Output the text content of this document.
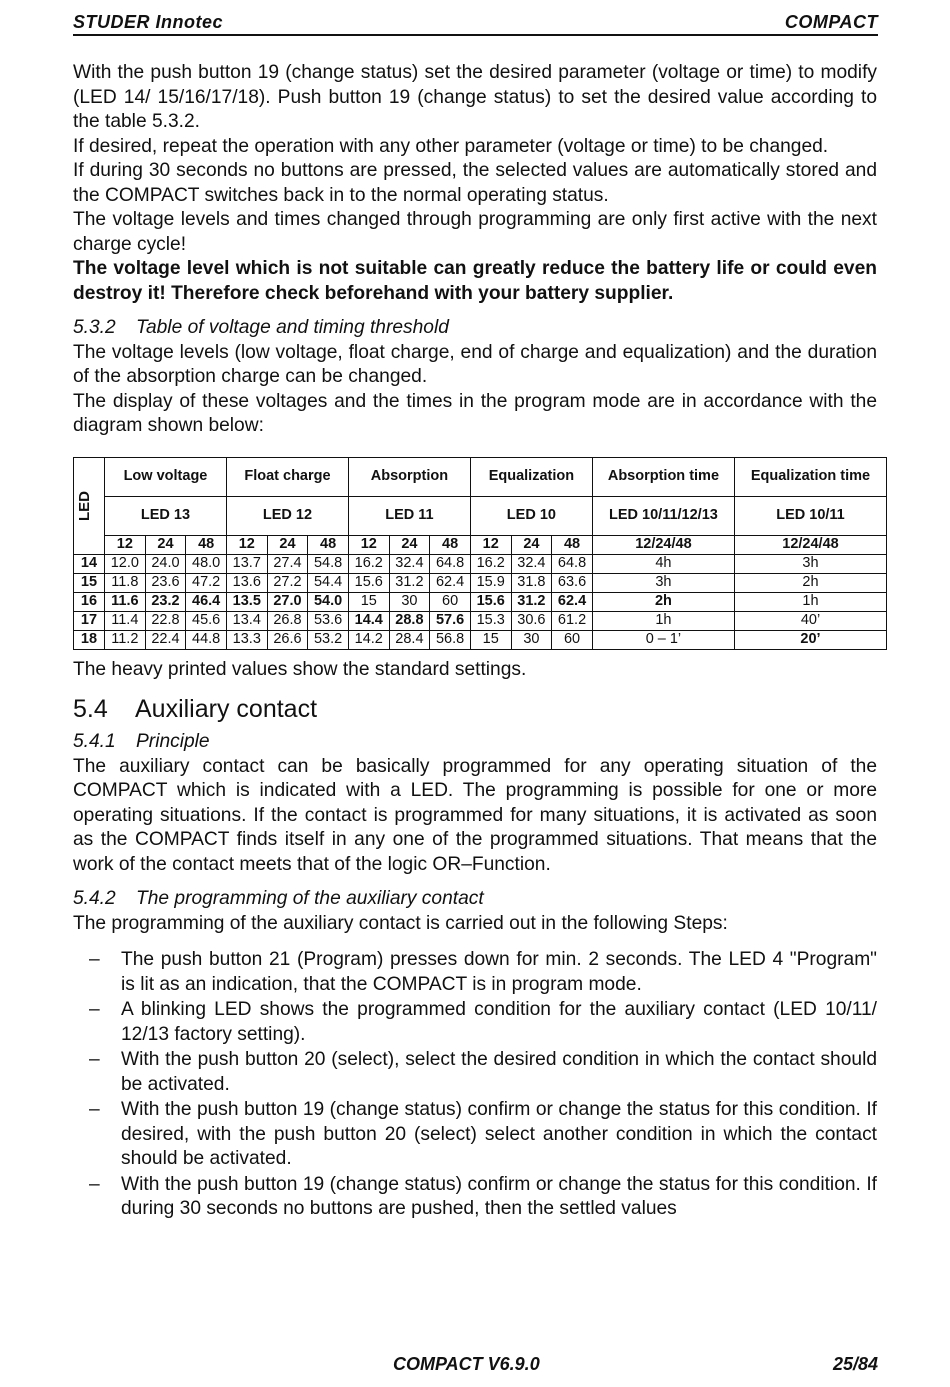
STUDER Innotec	COMPACT

With the push button 19 (change status) set the desired parameter (voltage or time) to modify (LED 14/ 15/16/17/18). Push button 19 (change status) to set the desired value according to the table 5.3.2.

If desired, repeat the operation with any other parameter (voltage or time) to be changed.

If during 30 seconds no buttons are pressed, the selected values are automatically stored and the COMPACT switches back in to the normal operating status.

The voltage levels and times changed through programming are only first active with the next charge cycle!

The voltage level which is not suitable can greatly reduce the battery life or could even destroy it! Therefore check beforehand with your battery supplier.

5.3.2 Table of voltage and timing threshold

The voltage levels (low voltage, float charge, end of charge and equalization) and the duration of the absorption charge can be changed.

The display of these voltages and the times in the program mode are in accordance with the diagram shown below:

LED	Low voltage			Float charge			Absorption			Equalization			Absorption time	Equalization time
	LED 13			LED 12			LED 11			LED 10			LED 10/11/12/13	LED 10/11
	12	24	48	12	24	48	12	24	48	12	24	48	12/24/48	12/24/48
14	12.0	24.0	48.0	13.7	27.4	54.8	16.2	32.4	64.8	16.2	32.4	64.8	4h	3h
15	11.8	23.6	47.2	13.6	27.2	54.4	15.6	31.2	62.4	15.9	31.8	63.6	3h	2h
16	11.6	23.2	46.4	13.5	27.0	54.0	15	30	60	15.6	31.2	62.4	2h	1h
17	11.4	22.8	45.6	13.4	26.8	53.6	14.4	28.8	57.6	15.3	30.6	61.2	1h	40’
18	11.2	22.4	44.8	13.3	26.6	53.2	14.2	28.4	56.8	15	30	60	0 – 1’	20’

The heavy printed values show the standard settings.

5.4 Auxiliary contact

5.4.1 Principle

The auxiliary contact can be basically programmed for any operating situation of the COMPACT which is indicated with a LED. The programming is possible for one or more operating situations. If the contact is programmed for many situations, it is activated as soon as the COMPACT finds itself in any one of the programmed situations. That means that the work of the contact meets that of the logic OR–Function.

5.4.2 The programming of the auxiliary contact

The programming of the auxiliary contact is carried out in the following Steps:

– The push button 21 (Program) presses down for min. 2 seconds. The LED 4 "Program" is lit as an indication, that the COMPACT is in program mode.
– A blinking LED shows the programmed condition for the auxiliary contact (LED 10/11/ 12/13 factory setting).
– With the push button 20 (select), select the desired condition in which the contact should be activated.
– With the push button 19 (change status) confirm or change the status for this condition. If desired, with the push button 20 (select) select another condition in which the contact should be activated.
– With the push button 19 (change status) confirm or change the status for this condition. If during 30 seconds no buttons are pushed, then the settled values
COMPACT V6.9.0	25/84
